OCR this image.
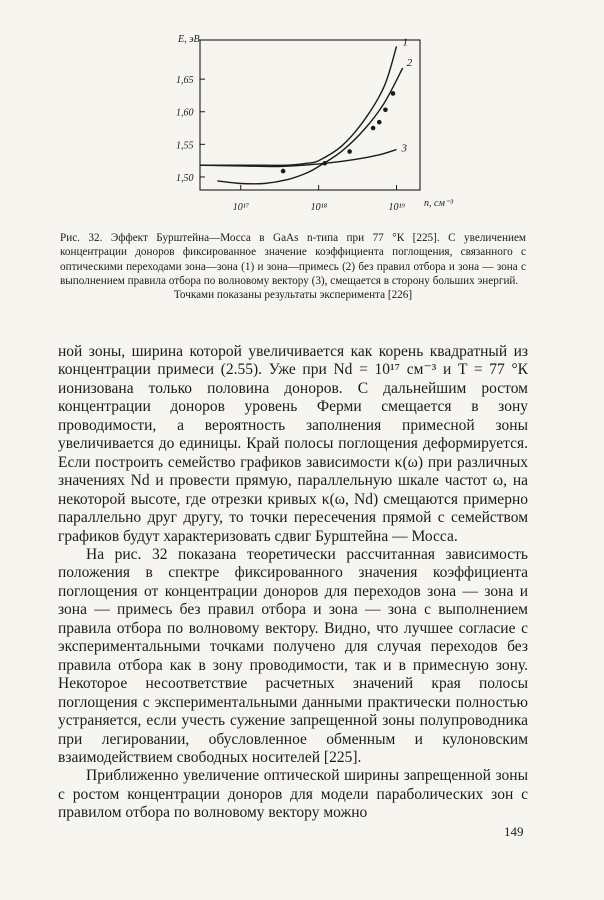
10¹⁷	10¹⁸	10¹⁹
1,50
1,55
1,60
1,65
E, эВ
n, см⁻³
1
2
3

Рис. 32. Эффект Бурштейна—Мосса в GaAs n-типа при 77 °К [225]. С увеличением концентрации доноров фиксированное значение коэффициента поглощения, связанного с оптическими переходами зона—зона (1) и зона—примесь (2) без правил отбора и зона — зона с выполнением правила отбора по волновому вектору (3), смещается в сторону больших энергий.

Точками показаны результаты эксперимента [226]

ной зоны, ширина которой увеличивается как корень квадратный из концентрации примеси (2.55). Уже при Nd = 10¹⁷ см⁻³ и T = 77 °К ионизована только половина доноров. С дальнейшим ростом концентрации доноров уровень Ферми смещается в зону проводимости, а вероятность заполнения примесной зоны увеличивается до единицы. Край полосы поглощения деформируется. Если построить семейство графиков зависимости κ(ω) при различных значениях Nd и провести прямую, параллельную шкале частот ω, на некоторой высоте, где отрезки кривых κ(ω, Nd) смещаются примерно параллельно друг другу, то точки пересечения прямой с семейством графиков будут характеризовать сдвиг Бурштейна — Мосса.

На рис. 32 показана теоретически рассчитанная зависимость положения в спектре фиксированного значения коэффициента поглощения от концентрации доноров для переходов зона — зона и зона — примесь без правил отбора и зона — зона с выполнением правила отбора по волновому вектору. Видно, что лучшее согласие с экспериментальными точками получено для случая переходов без правила отбора как в зону проводимости, так и в примесную зону. Некоторое несоответствие расчетных значений края полосы поглощения с экспериментальными данными практически полностью устраняется, если учесть сужение запрещенной зоны полупроводника при легировании, обусловленное обменным и кулоновским взаимодействием свободных носителей [225].

Приближенно увеличение оптической ширины запрещенной зоны с ростом концентрации доноров для модели параболических зон с правилом отбора по волновому вектору можно

149
